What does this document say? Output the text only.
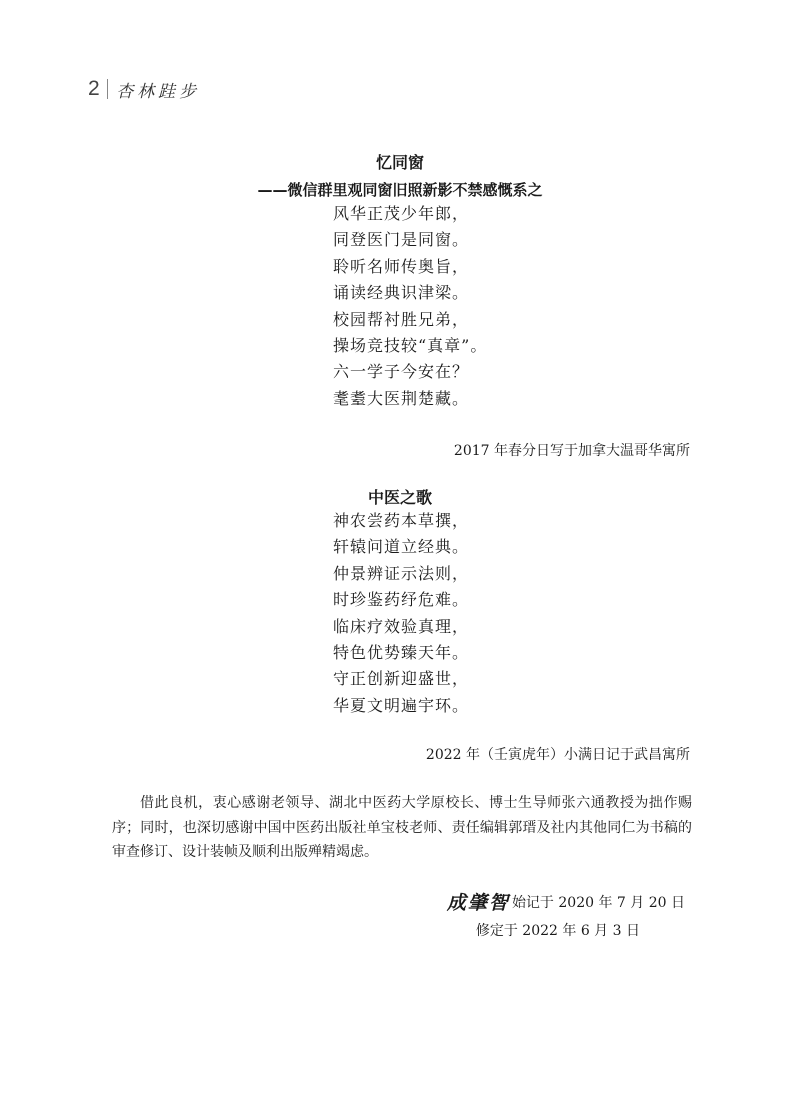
2 杏林跬步
忆同窗
——微信群里观同窗旧照新影不禁感慨系之
风华正茂少年郎，
同登医门是同窗。
聆听名师传奥旨，
诵读经典识津梁。
校园帮衬胜兄弟，
操场竞技较“真章”。
六一学子今安在？
耄耋大医荆楚藏。
2017 年春分日写于加拿大温哥华寓所
中医之歌
神农尝药本草撰，
轩辕问道立经典。
仲景辨证示法则，
时珍鉴药纾危难。
临床疗效验真理，
特色优势臻天年。
守正创新迎盛世，
华夏文明遍宇环。
2022 年（壬寅虎年）小满日记于武昌寓所

借此良机，衷心感谢老领导、湖北中医药大学原校长、博士生导师张六通教授为拙作赐序；同时，也深切感谢中国中医药出版社单宝枝老师、责任编辑郭瑨及社内其他同仁为书稿的审查修订、设计装帧及顺利出版殚精竭虑。

成肇智 始记于 2020 年 7 月 20 日
修定于 2022 年 6 月 3 日
